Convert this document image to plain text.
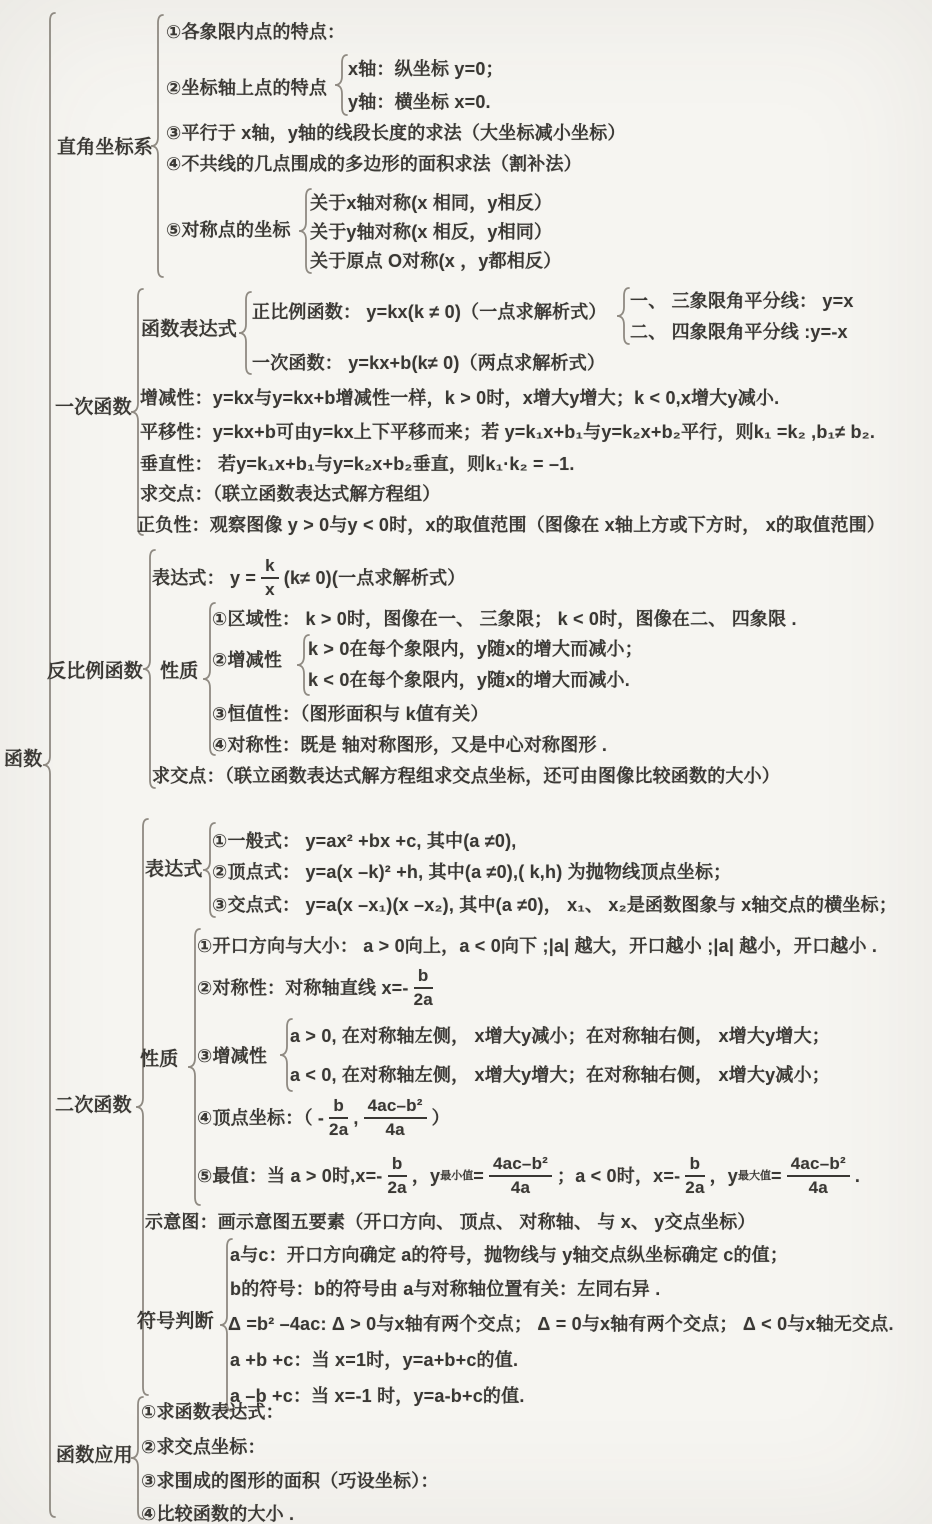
函数
直角坐标系
①各象限内点的特点：
②坐标轴上点的特点
x轴：纵坐标 y=0；
y轴：横坐标 x=0.
③平行于 x轴，y轴的线段长度的求法（大坐标减小坐标）
④不共线的几点围成的多边形的面积求法（割补法）
⑤对称点的坐标
关于x轴对称(x 相同，y相反）
关于y轴对称(x 相反，y相同）
关于原点 O对称(x ，y都相反）
一次函数
函数表达式
正比例函数： y=kx(k ≠ 0)（一点求解析式）
一、 三象限角平分线： y=x
二、 四象限角平分线 :y=-x
一次函数： y=kx+b(k≠ 0)（两点求解析式）
增减性：y=kx与y=kx+b增减性一样，k > 0时，x增大y增大；k < 0,x增大y减小.
平移性：y=kx+b可由y=kx上下平移而来；若 y=k₁x+b₁与y=k₂x+b₂平行，则k₁ =k₂ ,b₁≠ b₂.
垂直性： 若y=k₁x+b₁与y=k₂x+b₂垂直，则k₁·k₂ = –1.
求交点：（联立函数表达式解方程组）
正负性：观察图像 y > 0与y < 0时，x的取值范围（图像在 x轴上方或下方时， x的取值范围）
反比例函数
表达式： $y = \frac{k}{x} (k\ne 0)$(一点求解析式）
性质
①区域性： k > 0时，图像在一、 三象限； k < 0时，图像在二、 四象限 .
②增减性
k > 0在每个象限内，y随x的增大而减小；
k < 0在每个象限内，y随x的增大而减小.
③恒值性：（图形面积与 k值有关）
④对称性：既是 轴对称图形，又是中心对称图形 .
求交点：（联立函数表达式解方程组求交点坐标，还可由图像比较函数的大小）
二次函数
表达式
①一般式： y=ax² +bx +c, 其中(a ≠0),
②顶点式： y=a(x –k)² +h, 其中(a ≠0),( k,h) 为抛物线顶点坐标；
③交点式： y=a(x –x₁)(x –x₂), 其中(a ≠0)， x₁、 x₂是函数图象与 x轴交点的横坐标；
性质
①开口方向与大小： a > 0向上，a < 0向下 ;|a| 越大，开口越小 ;|a| 越小，开口越小 .
②对称性：对称轴直线 $x=- \frac{b}{2a}$
③增减性
a > 0, 在对称轴左侧， x增大y减小；在对称轴右侧， x增大y增大；
a < 0, 在对称轴左侧， x增大y增大；在对称轴右侧， x增大y减小；
④顶点坐标：（ - $\frac{b}{2a}$ , $\frac{\text{4ac–b²}}{4a}$ ）
⑤最值：当 a > 0时$,x=- \frac{b}{2a}$ ，y 最小值 = $\frac{\text{4ac–b²}}{4a}$ ；a < 0时，$x=- \frac{b}{2a}$ ，y 最大值 = $\frac{\text{4ac–b²}}{4a}$ .
示意图：画示意图五要素（开口方向、 顶点、 对称轴、 与 x、 y交点坐标）
符号判断
a与c：开口方向确定 a的符号，抛物线与 y轴交点纵坐标确定 c的值；
b的符号：b的符号由 a与对称轴位置有关：左同右异 .
Δ =b² –4ac: Δ > 0与x轴有两个交点； Δ = 0与x轴有两个交点； Δ < 0与x轴无交点.
a +b +c：当 x=1时，y=a+b+c的值.
a –b +c：当 x=-1 时，y=a-b+c的值.
函数应用
①求函数表达式：
②求交点坐标：
③求围成的图形的面积（巧设坐标）：
④比较函数的大小 .
